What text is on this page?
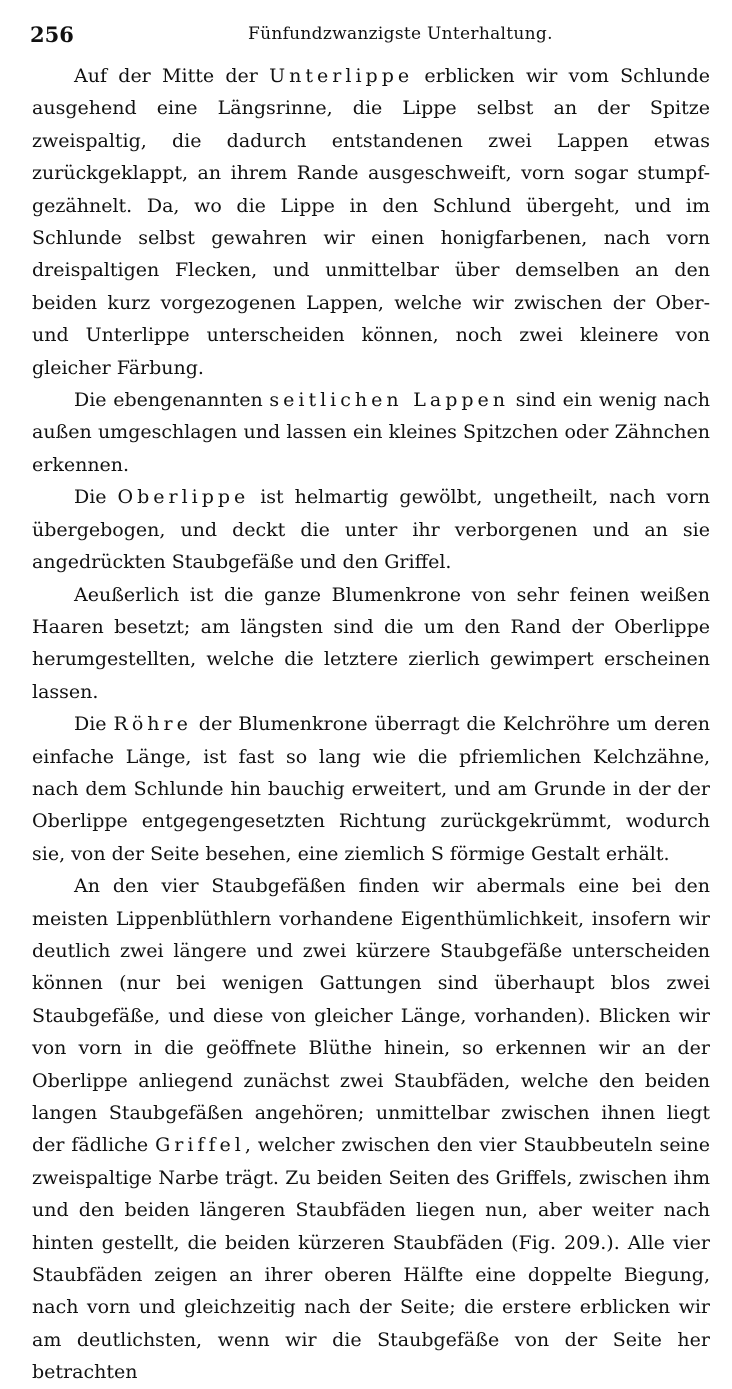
256	Fünfundzwanzigste Unterhaltung.

Auf der Mitte der Unterlippe erblicken wir vom Schlunde ausgehend eine Längsrinne, die Lippe selbst an der Spitze zweispaltig, die dadurch entstandenen zwei Lappen etwas zurückgeklappt, an ihrem Rande ausgeschweift, vorn sogar stumpf-gezähnelt. Da, wo die Lippe in den Schlund übergeht, und im Schlunde selbst gewahren wir einen honigfarbenen, nach vorn dreispaltigen Flecken, und unmittelbar über demselben an den beiden kurz vorgezogenen Lappen, welche wir zwischen der Ober- und Unterlippe unterscheiden können, noch zwei kleinere von gleicher Färbung.

Die ebengenannten seitlichen Lappen sind ein wenig nach außen umgeschlagen und lassen ein kleines Spitzchen oder Zähnchen erkennen.

Die Oberlippe ist helmartig gewölbt, ungetheilt, nach vorn übergebogen, und deckt die unter ihr verborgenen und an sie angedrückten Staubgefäße und den Griffel.

Aeußerlich ist die ganze Blumenkrone von sehr feinen weißen Haaren besetzt; am längsten sind die um den Rand der Oberlippe herumgestellten, welche die letztere zierlich gewimpert erscheinen lassen.

Die Röhre der Blumenkrone überragt die Kelchröhre um deren einfache Länge, ist fast so lang wie die pfriemlichen Kelchzähne, nach dem Schlunde hin bauchig erweitert, und am Grunde in der der Oberlippe entgegengesetzten Richtung zurückgekrümmt, wodurch sie, von der Seite besehen, eine ziemlich S förmige Gestalt erhält.

An den vier Staubgefäßen finden wir abermals eine bei den meisten Lippenblüthlern vorhandene Eigenthümlichkeit, insofern wir deutlich zwei längere und zwei kürzere Staubgefäße unterscheiden können (nur bei wenigen Gattungen sind überhaupt blos zwei Staubgefäße, und diese von gleicher Länge, vorhanden). Blicken wir von vorn in die geöffnete Blüthe hinein, so erkennen wir an der Oberlippe anliegend zunächst zwei Staubfäden, welche den beiden langen Staubgefäßen angehören; unmittelbar zwischen ihnen liegt der fädliche Griffel, welcher zwischen den vier Staubbeuteln seine zweispaltige Narbe trägt. Zu beiden Seiten des Griffels, zwischen ihm und den beiden längeren Staubfäden liegen nun, aber weiter nach hinten gestellt, die beiden kürzeren Staubfäden (Fig. 209.). Alle vier Staubfäden zeigen an ihrer oberen Hälfte eine doppelte Biegung, nach vorn und gleichzeitig nach der Seite; die erstere erblicken wir am deutlichsten, wenn wir die Staubgefäße von der Seite her betrachten
